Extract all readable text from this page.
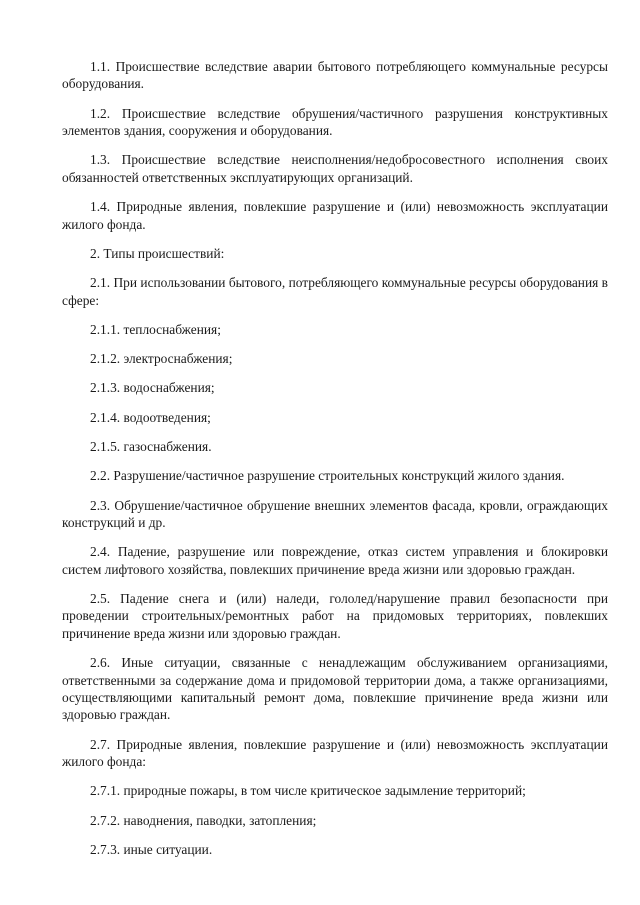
1.1. Происшествие вследствие аварии бытового потребляющего коммунальные ресурсы оборудования.

1.2. Происшествие вследствие обрушения/частичного разрушения конструктивных элементов здания, сооружения и оборудования.

1.3. Происшествие вследствие неисполнения/недобросовестного исполнения своих обязанностей ответственных эксплуатирующих организаций.

1.4. Природные явления, повлекшие разрушение и (или) невозможность эксплуатации жилого фонда.

2. Типы происшествий:

2.1. При использовании бытового, потребляющего коммунальные ресурсы оборудования в сфере:

2.1.1. теплоснабжения;

2.1.2. электроснабжения;

2.1.3. водоснабжения;

2.1.4. водоотведения;

2.1.5. газоснабжения.

2.2. Разрушение/частичное разрушение строительных конструкций жилого здания.

2.3. Обрушение/частичное обрушение внешних элементов фасада, кровли, ограждающих конструкций и др.

2.4. Падение, разрушение или повреждение, отказ систем управления и блокировки систем лифтового хозяйства, повлекших причинение вреда жизни или здоровью граждан.

2.5. Падение снега и (или) наледи, гололед/нарушение правил безопасности при проведении строительных/ремонтных работ на придомовых территориях, повлекших причинение вреда жизни или здоровью граждан.

2.6. Иные ситуации, связанные с ненадлежащим обслуживанием организациями, ответственными за содержание дома и придомовой территории дома, а также организациями, осуществляющими капитальный ремонт дома, повлекшие причинение вреда жизни или здоровью граждан.

2.7. Природные явления, повлекшие разрушение и (или) невозможность эксплуатации жилого фонда:

2.7.1. природные пожары, в том числе критическое задымление территорий;

2.7.2. наводнения, паводки, затопления;

2.7.3. иные ситуации.
